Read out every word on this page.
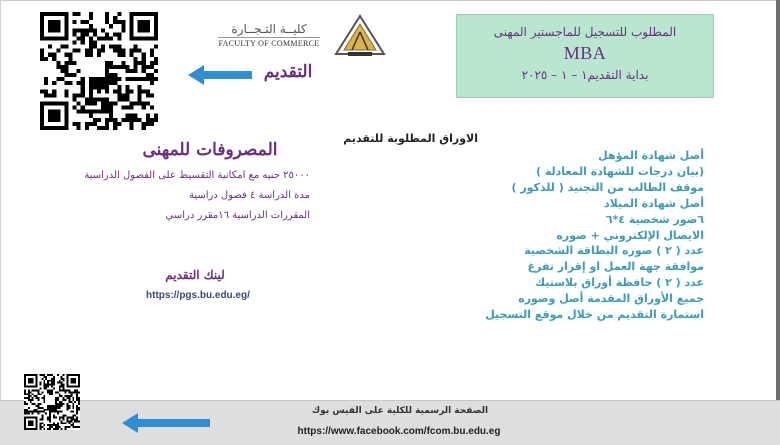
كليــة التـجــارة
FACULTY OF COMMERCE
المطلوب للتسجيل للماجستير المهنى
MBA
بداية التقديم١ – ١ – ٢٠٢٥
التقديم
المصروفات للمهنى
٢٥٠٠٠ جنيه مع امكانية التقسيط على الفصول الدراسية
مدة الدراسة ٤ فصول دراسية
المقررات الدراسية ١٦مقرر دراسي
لينك التقديم
https://pgs.bu.edu.eg/
الاوراق المطلوبة للتقديم
أصل شهادة المؤهل
(بيان درجات للشهادة المعادلة )
موقف الطالب من التجنيد ( للذكور )
أصل شهادة الميلاد
٦صور شخصية ٤*٦
الايصال الإلكتروني + صوره
عدد ( ٢ ) صوره البطاقة الشخصية
موافقة جهة العمل او إقرار تفرغ
عدد ( ٢ ) حافظة أوراق بلاستيك
جميع الأوراق المقدمة أصل وصوره
استمارة التقديم من خلال موقع التسجيل
الصفحة الرسمية للكلية على الفيس بوك
https://www.facebook.com/fcom.bu.edu.eg
